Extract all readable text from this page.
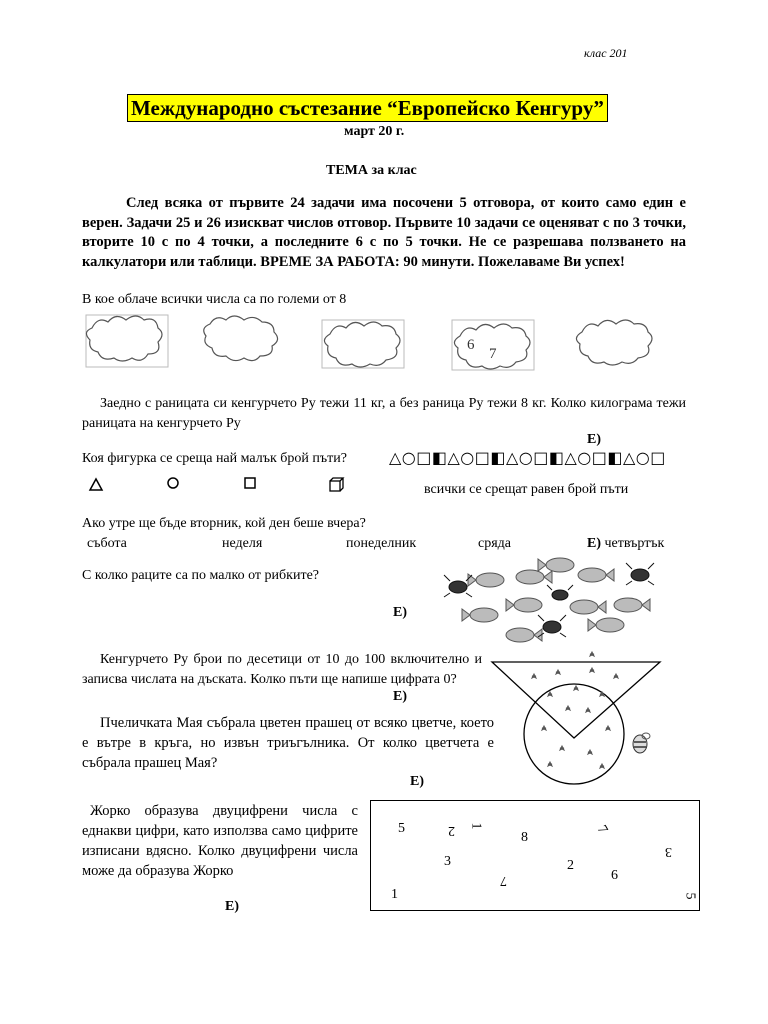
клас 201
Международно състезание “Европейско Кенгуру”
март 20 г.
ТЕМА за клас
След всяка от първите 24 задачи има посочени 5 отговора, от които само един е верен. Задачи 25 и 26 изискват числов отговор. Първите 10 задачи се оценяват с по 3 точки, вторите 10 с по 4 точки, а последните 6 с по 5 точки. Не се разрешава ползването на калкулатори или таблици. ВРЕМЕ ЗА РАБОТА: 90 минути. Пожелаваме Ви успех!
В кое облаче всички числа са по големи от 8
6
7
Заедно с раницата си кенгурчето Ру тежи 11 кг, а без раница Ру тежи 8 кг. Колко килограма тежи раницата на кенгурчето Ру
Е)
Коя фигурка се среща най малък брой пъти?	△○□◧△○□◧△○□◧△○□◧△○□
всички се срещат равен брой пъти
Ако утре ще бъде вторник, кой ден беше вчера?
събота	неделя	понеделник	сряда	Е) четвъртък
С колко раците са по малко от рибките?
Е)
Кенгурчето Ру брои по десетици от 10 до 100 включително и записва числата на дъската. Колко пъти ще напише цифрата 0?
Е)
Пчеличката Мая събрала цветен прашец от всяко цветче, което е вътре в кръга, но извън триъгълника. От колко цветчета е събрала прашец Мая?
Е)
Жорко образува двуцифрени числа с еднакви цифри, като използва само цифрите изписани вдясно. Колко двуцифрени числа може да образува Жорко
Е)
5	2 1
8
7
3
3
7
2
6
1	5
